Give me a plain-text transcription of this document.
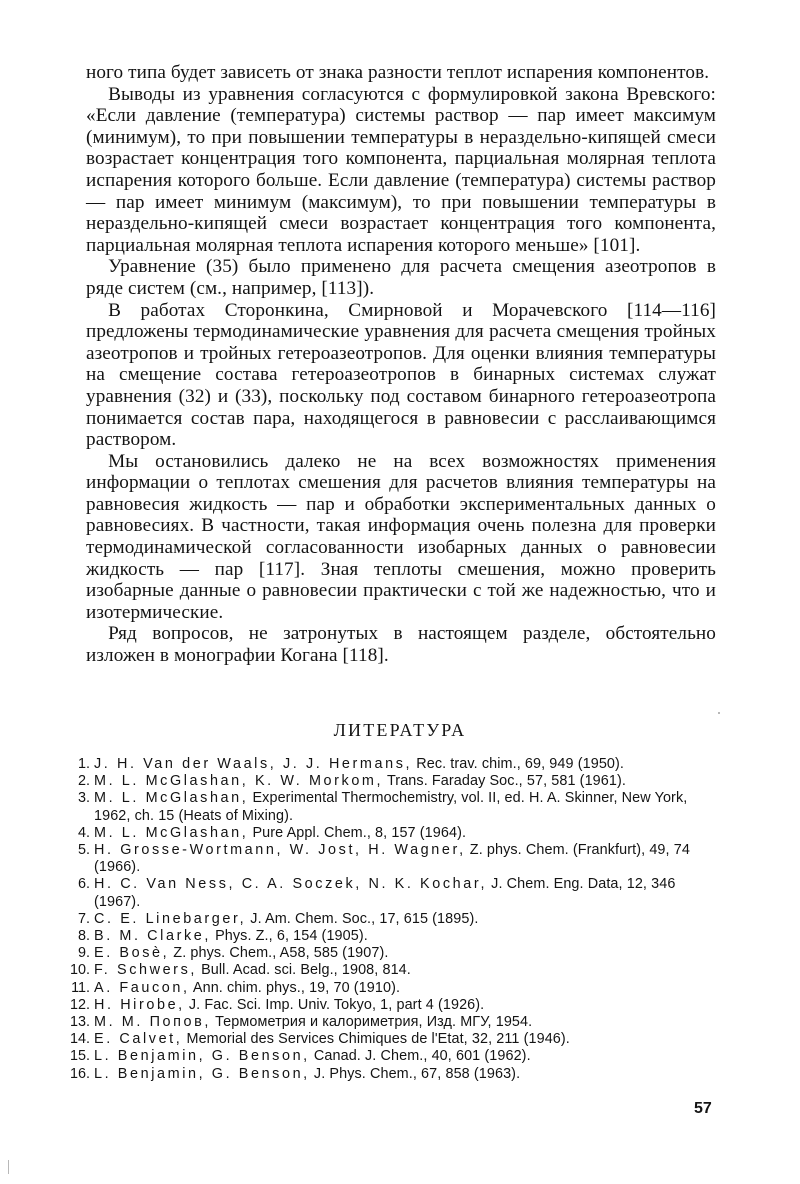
ного типа будет зависеть от знака разности теплот испарения компонентов.

Выводы из уравнения согласуются с формулировкой закона Вревского: «Если давление (температура) системы раствор — пар имеет максимум (минимум), то при повышении температуры в нераздельно-кипящей смеси возрастает концентрация того компонента, парциальная молярная теплота испарения которого больше. Если давление (температура) системы раствор — пар имеет минимум (максимум), то при повышении температуры в нераздельно-кипящей смеси возрастает концентрация того компонента, парциальная молярная теплота испарения которого меньше» [101].

Уравнение (35) было применено для расчета смещения азеотропов в ряде систем (см., например, [113]).

В работах Сторонкина, Смирновой и Морачевского [114—116] предложены термодинамические уравнения для расчета смещения тройных азеотропов и тройных гетероазеотропов. Для оценки влияния температуры на смещение состава гетероазеотропов в бинарных системах служат уравнения (32) и (33), поскольку под составом бинарного гетероазеотропа понимается состав пара, находящегося в равновесии с расслаивающимся раствором.

Мы остановились далеко не на всех возможностях применения информации о теплотах смешения для расчетов влияния температуры на равновесия жидкость — пар и обработки экспериментальных данных о равновесиях. В частности, такая информация очень полезна для проверки термодинамической согласованности изобарных данных о равновесии жидкость — пар [117]. Зная теплоты смешения, можно проверить изобарные данные о равновесии практически с той же надежностью, что и изотермические.

Ряд вопросов, не затронутых в настоящем разделе, обстоятельно изложен в монографии Когана [118].

ЛИТЕРАТУРА
1. J. H. Van der Waals, J. J. Hermans, Rec. trav. chim., 69, 949 (1950).
2. M. L. McGlashan, K. W. Morkom, Trans. Faraday Soc., 57, 581 (1961).
3. M. L. McGlashan, Experimental Thermochemistry, vol. II, ed. H. A. Skinner, New York, 1962, ch. 15 (Heats of Mixing).
4. M. L. McGlashan, Pure Appl. Chem., 8, 157 (1964).
5. H. Grosse-Wortmann, W. Jost, H. Wagner, Z. phys. Chem. (Frankfurt), 49, 74 (1966).
6. H. C. Van Ness, C. A. Soczek, N. K. Kochar, J. Chem. Eng. Data, 12, 346 (1967).
7. C. E. Linebarger, J. Am. Chem. Soc., 17, 615 (1895).
8. B. M. Clarke, Phys. Z., 6, 154 (1905).
9. E. Bosè, Z. phys. Chem., A58, 585 (1907).
10. F. Schwers, Bull. Acad. sci. Belg., 1908, 814.
11. A. Faucon, Ann. chim. phys., 19, 70 (1910).
12. H. Hirobe, J. Fac. Sci. Imp. Univ. Tokyo, 1, part 4 (1926).
13. M. M. Попов, Термометрия и калориметрия, Изд. МГУ, 1954.
14. E. Calvet, Memorial des Services Chimiques de l'Etat, 32, 211 (1946).
15. L. Benjamin, G. Benson, Canad. J. Chem., 40, 601 (1962).
16. L. Benjamin, G. Benson, J. Phys. Chem., 67, 858 (1963).
57
